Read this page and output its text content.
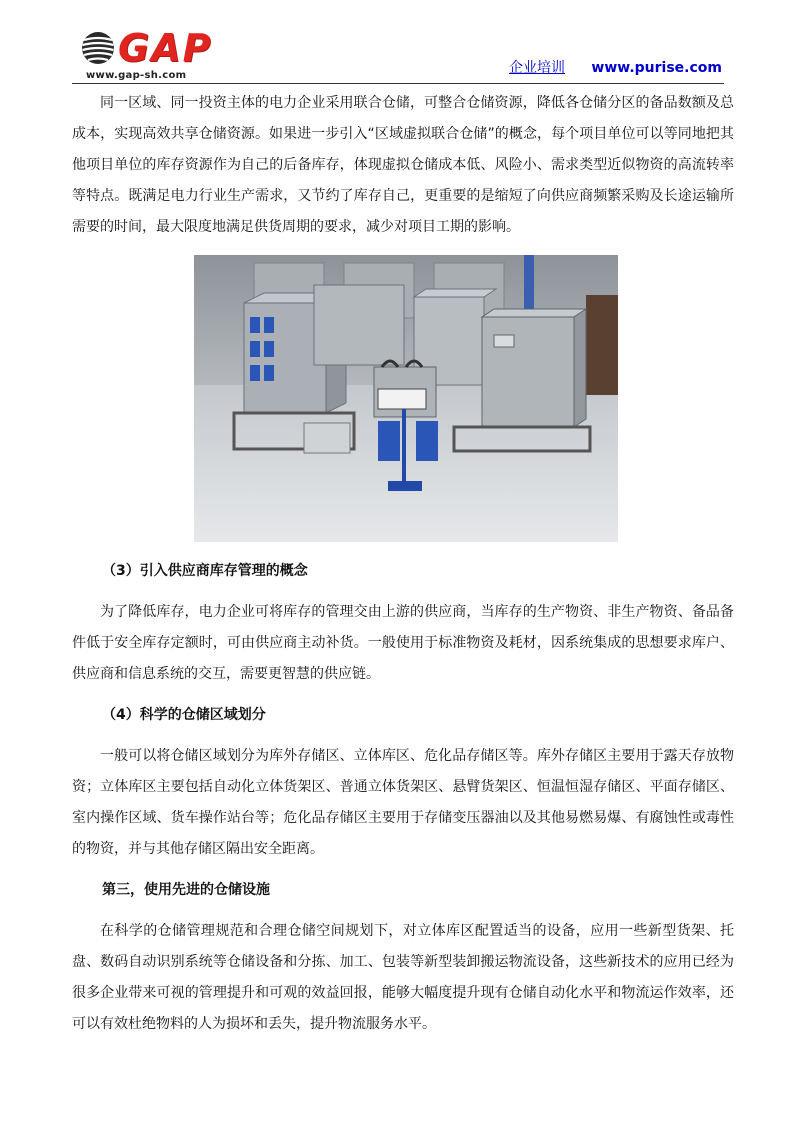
GAP
www.gap-sh.com	企业培训 www.purise.com

同一区域、同一投资主体的电力企业采用联合仓储，可整合仓储资源，降低各仓储分区的备品数额及总成本，实现高效共享仓储资源。如果进一步引入“区域虚拟联合仓储”的概念，每个项目单位可以等同地把其他项目单位的库存资源作为自己的后备库存，体现虚拟仓储成本低、风险小、需求类型近似物资的高流转率等特点。既满足电力行业生产需求，又节约了库存自己，更重要的是缩短了向供应商频繁采购及长途运输所需要的时间，最大限度地满足供货周期的要求，减少对项目工期的影响。

（3）引入供应商库存管理的概念

为了降低库存，电力企业可将库存的管理交由上游的供应商，当库存的生产物资、非生产物资、备品备件低于安全库存定额时，可由供应商主动补货。一般使用于标准物资及耗材，因系统集成的思想要求库户、供应商和信息系统的交互，需要更智慧的供应链。

（4）科学的仓储区域划分

一般可以将仓储区域划分为库外存储区、立体库区、危化品存储区等。库外存储区主要用于露天存放物资；立体库区主要包括自动化立体货架区、普通立体货架区、悬臂货架区、恒温恒湿存储区、平面存储区、室内操作区域、货车操作站台等；危化品存储区主要用于存储变压器油以及其他易燃易爆、有腐蚀性或毒性的物资，并与其他存储区隔出安全距离。

第三，使用先进的仓储设施

在科学的仓储管理规范和合理仓储空间规划下，对立体库区配置适当的设备，应用一些新型货架、托盘、数码自动识别系统等仓储设备和分拣、加工、包装等新型装卸搬运物流设备，这些新技术的应用已经为很多企业带来可视的管理提升和可观的效益回报，能够大幅度提升现有仓储自动化水平和物流运作效率，还可以有效杜绝物料的人为损坏和丢失，提升物流服务水平。
